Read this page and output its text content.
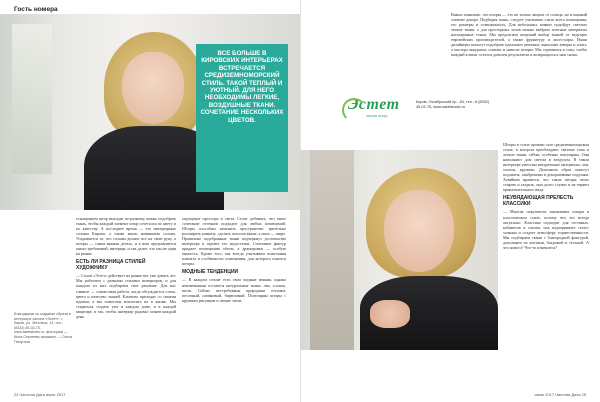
Гость номера
ВСЕ БОЛЬШЕ В КИРОВСКИХ ИНТЕРЬЕРАХ ВСТРЕЧАЕТСЯ СРЕДИЗЕМНОМОРСКИЙ СТИЛЬ. ТАКОЙ ТЕПЛЫЙ И УЮТНЫЙ. ДЛЯ НЕГО НЕОБХОДИМЫ ЛЕГКИЕ, ВОЗДУШНЫЕ ТКАНИ. СОЧЕТАНИЕ НЕСКОЛЬКИХ ЦВЕТОВ.

оснащением штор выходит по-разному, важно подобрать ткань, чтобы каждый элемент штор сочетался по цвету и по качеству. А последнее время — это интерьерные салоны Кирова, а также мною новинками салона. Угадывается то, что салоны делают все на свою руку, а шторы — самая важная деталь, и к ним предъявляется много требований, интерьер, и так далее, что мы не одни на рынке.

ЕСТЬ ЛИ РАЗНИЦА СТИЛЕЙ ХУДОЖНИКУ

— Салон «Эстет» действует на рынке вот уже девять лет. Мы работаем с разными стилями интерьеров, и для каждого из них подбираем свое решение. Для нас главное — совместная работа, когда обсуждается стиль, цвета и качество тканей. Клиенты приходят со своими идеями, а мы помогаем воплотить их в жизнь. Мы стараемся создать уют в каждом доме, и в каждой квартире, и так, чтобы интерьер радовал хозяев каждый день.

ощущение простора и света. Стоит добавить, что такое сочетание оттенков подходит для любых помещений. Шторы способны изменить пространство: зрительно расширить комнату, сделать потолок выше, а окно — шире. Правильно подобранные ткани подчеркнут достоинства интерьера и скроют его недостатки. Сочетание фактур придает помещению объем, а драпировки — особую мягкость. Кроме того, мы всегда учитываем пожелания клиента и особенности помещения, для которого шьются шторы.

МОДНЫЕ ТЕНДЕНЦИИ

— В каждом сезоне есть свои модные веяния, однако неизменными остаются натуральные ткани: лен, хлопок, шелк. Сейчас востребованы природные оттенки: песочный, оливковый, бирюзовый. Популярны шторы с крупным рисунком и легкие тюли.

Благодарим за создание образа в интерьере салона «Эстет»: г. Киров, ул. Энгельса, 14, тел.: (8332) 45-02-75, www.astetstudio.ru; фотограф — Анна Сергеева; визажист — Ольга Пичугина.
24 Частная Дата июнь 2017

Важно понимать, что шторы — это не только защита от солнца, но и важный элемент декора. Подбирая ткань, следует учитывать стиль всего помещения, его размеры и освещенность. Для небольших комнат подойдут светлые легкие ткани, а для просторных залов можно выбрать плотные материалы насыщенных тонов. Мы предлагаем широкий выбор тканей от ведущих европейских производителей, а также фурнитуру и аксессуары. Наши дизайнеры помогут подобрать идеальное решение, выполнят замеры и эскиз, а мастера аккуратно сошьют и навесят шторы. Мы стремимся к тому, чтобы каждый клиент остался доволен результатом и возвращался к нам снова.

Шторы в стиле прованс или средиземноморском стиле, в котором преобладают светлые тона и легкие ткани, сейчас особенно популярны. Они наполняют дом светом и воздухом. В таком интерьере уместны натуральные материалы: лен, хлопок, кружево. Дополнить образ помогут подхваты, ламбрекены и декоративные подушки. Хозяйкам нравится, что такие шторы легко стирать и гладить, они долго служат и не теряют привлекательного вида.

НЕУВЯДАЮЩАЯ ПРЕЛЕСТЬ КЛАССИКИ

— Многие покупатели заказывают шторы в классическом стиле, потому что это всегда актуально. Классика подходит для гостиных, кабинетов и спален, она подчеркивает статус хозяина и создает атмосферу торжественности. Мы подбираем ткани с благородной фактурой, дополняем их кистями, бахромой и тесьмой. А что нового? Что-то изменится?

июнь 2017 Частная Дата 25
Эстет
салон штор
Киров, Октябрьский пр., 84, тел.: 8 (8332) 45-02-75, www.astetstudio.ru
